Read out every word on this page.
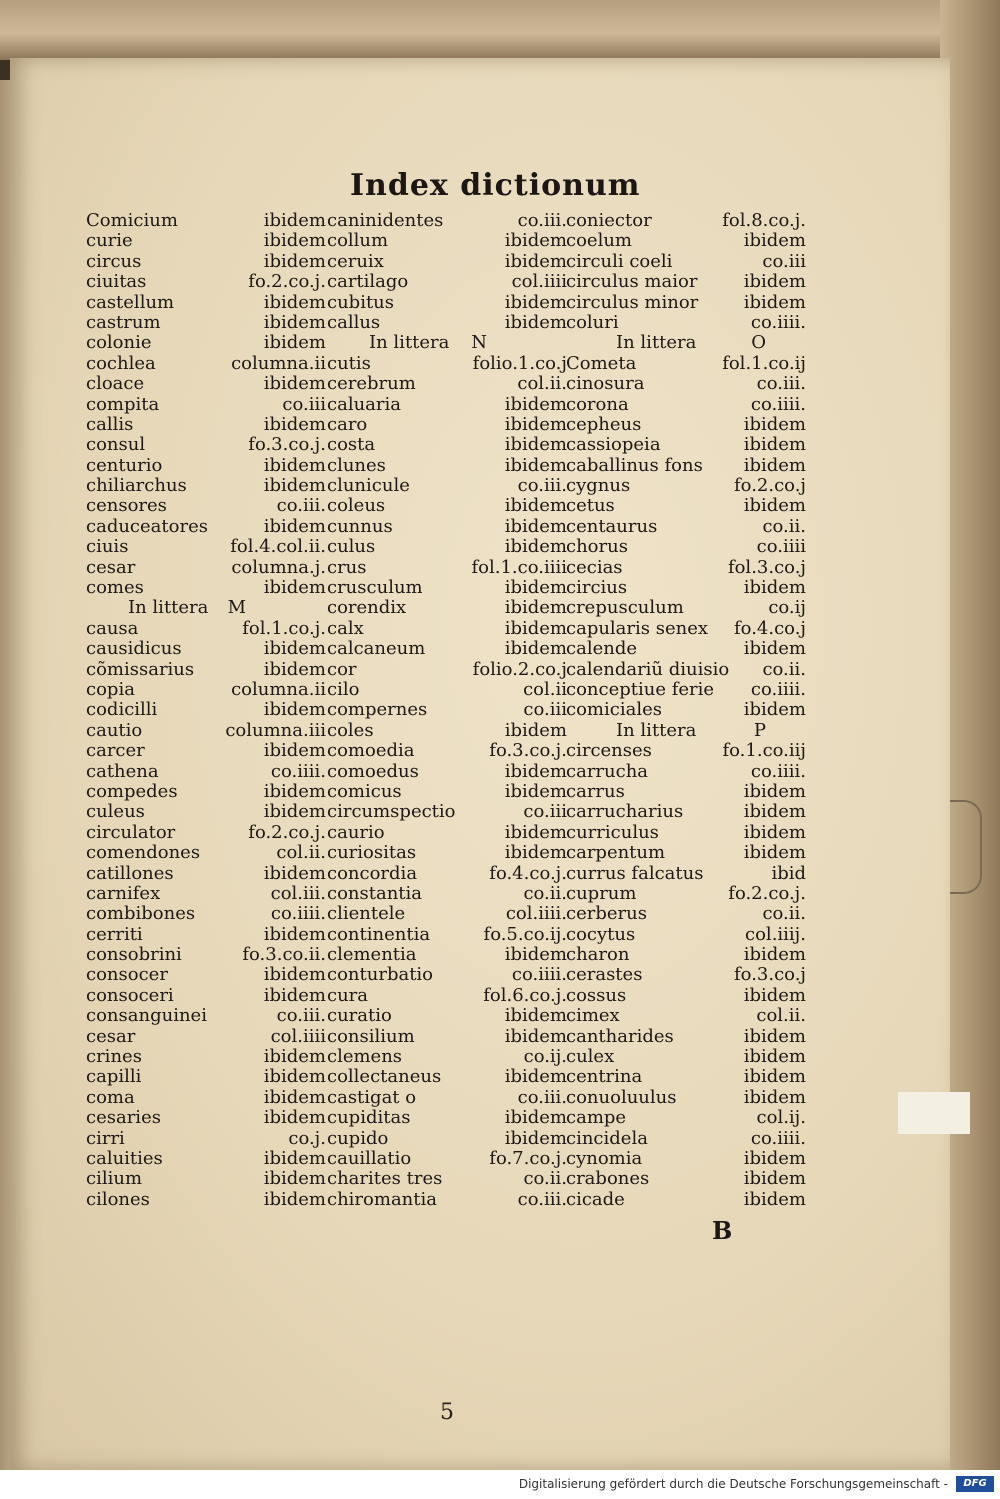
Index dictionum
Comicium	ibidem
curie	ibidem
circus	ibidem
ciuitas	fo.2.co.j.
castellum	ibidem
castrum	ibidem
colonie	ibidem
cochlea	columna.ii
cloace	ibidem
compita	co.iii
callis	ibidem
consul	fo.3.co.j.
centurio	ibidem
chiliarchus	ibidem
censores	co.iii.
caduceatores	ibidem
ciuis	fol.4.col.ii.
cesar	columna.j.
comes	ibidem
In littera M
causa	fol.1.co.j.
causidicus	ibidem
cõmissarius	ibidem
copia	columna.ii
codicilli	ibidem
cautio	columna.iii
carcer	ibidem
cathena	co.iiii.
compedes	ibidem
culeus	ibidem
circulator	fo.2.co.j.
comendones	col.ii.
catillones	ibidem
carnifex	col.iii.
combibones	co.iiii.
cerriti	ibidem
consobrini	fo.3.co.ii.
consocer	ibidem
consoceri	ibidem
consanguinei	co.iii.
cesar	col.iiii
crines	ibidem
capilli	ibidem
coma	ibidem
cesaries	ibidem
cirri	co.j.
caluities	ibidem
cilium	ibidem
cilones	ibidem
caninidentes	co.iii.
collum	ibidem
ceruix	ibidem
cartilago	col.iiii
cubitus	ibidem
callus	ibidem
In littera N
cutis	folio.1.co.j
cerebrum	col.ii.
caluaria	ibidem
caro	ibidem
costa	ibidem
clunes	ibidem
clunicule	co.iii.
coleus	ibidem
cunnus	ibidem
culus	ibidem
crus	fol.1.co.iiii
crusculum	ibidem
corendix	ibidem
calx	ibidem
calcaneum	ibidem
cor	folio.2.co.j
cilo	col.ii
compernes	co.iii
coles	ibidem
comoedia	fo.3.co.j.
comoedus	ibidem
comicus	ibidem
circumspectio	co.iii
caurio	ibidem
curiositas	ibidem
concordia	fo.4.co.j.
constantia	co.ii.
clientele	col.iiii.
continentia	fo.5.co.ij.
clementia	ibidem
conturbatio	co.iiii.
cura	fol.6.co.j.
curatio	ibidem
consilium	ibidem
clemens	co.ij.
collectaneus	ibidem
castigat o	co.iii.
cupiditas	ibidem
cupido	ibidem
cauillatio	fo.7.co.j.
charites tres	co.ii.
chiromantia	co.iii.
coniector	fol.8.co.j.
coelum	ibidem
circuli coeli	co.iii
circulus maior	ibidem
circulus minor	ibidem
coluri	co.iiii.
In littera	O
Cometa	fol.1.co.ij
cinosura	co.iii.
corona	co.iiii.
cepheus	ibidem
cassiopeia	ibidem
caballinus fons ibidem
cygnus	fo.2.co.j
cetus	ibidem
centaurus	co.ii.
chorus	co.iiii
cecias	fol.3.co.j
circius	ibidem
crepusculum	co.ij
capularis senex fo.4.co.j
calende	ibidem
calendariũ diuisio co.ii.
conceptiue ferie co.iiii.
comiciales	ibidem
In littera	P
circenses	fo.1.co.iij
carrucha	co.iiii.
carrus	ibidem
carrucharius	ibidem
curriculus	ibidem
carpentum	ibidem
currus falcatus	ibid
cuprum	fo.2.co.j.
cerberus	co.ii.
cocytus	col.iiij.
charon	ibidem
cerastes	fo.3.co.j
cossus	ibidem
cimex	col.ii.
cantharides	ibidem
culex	ibidem
centrina	ibidem
conuoluulus	ibidem
campe	col.ij.
cincidela	co.iiii.
cynomia	ibidem
crabones	ibidem
cicade	ibidem
B
5
Digitalisierung gefördert durch die Deutsche Forschungsgemeinschaft -	DFG
